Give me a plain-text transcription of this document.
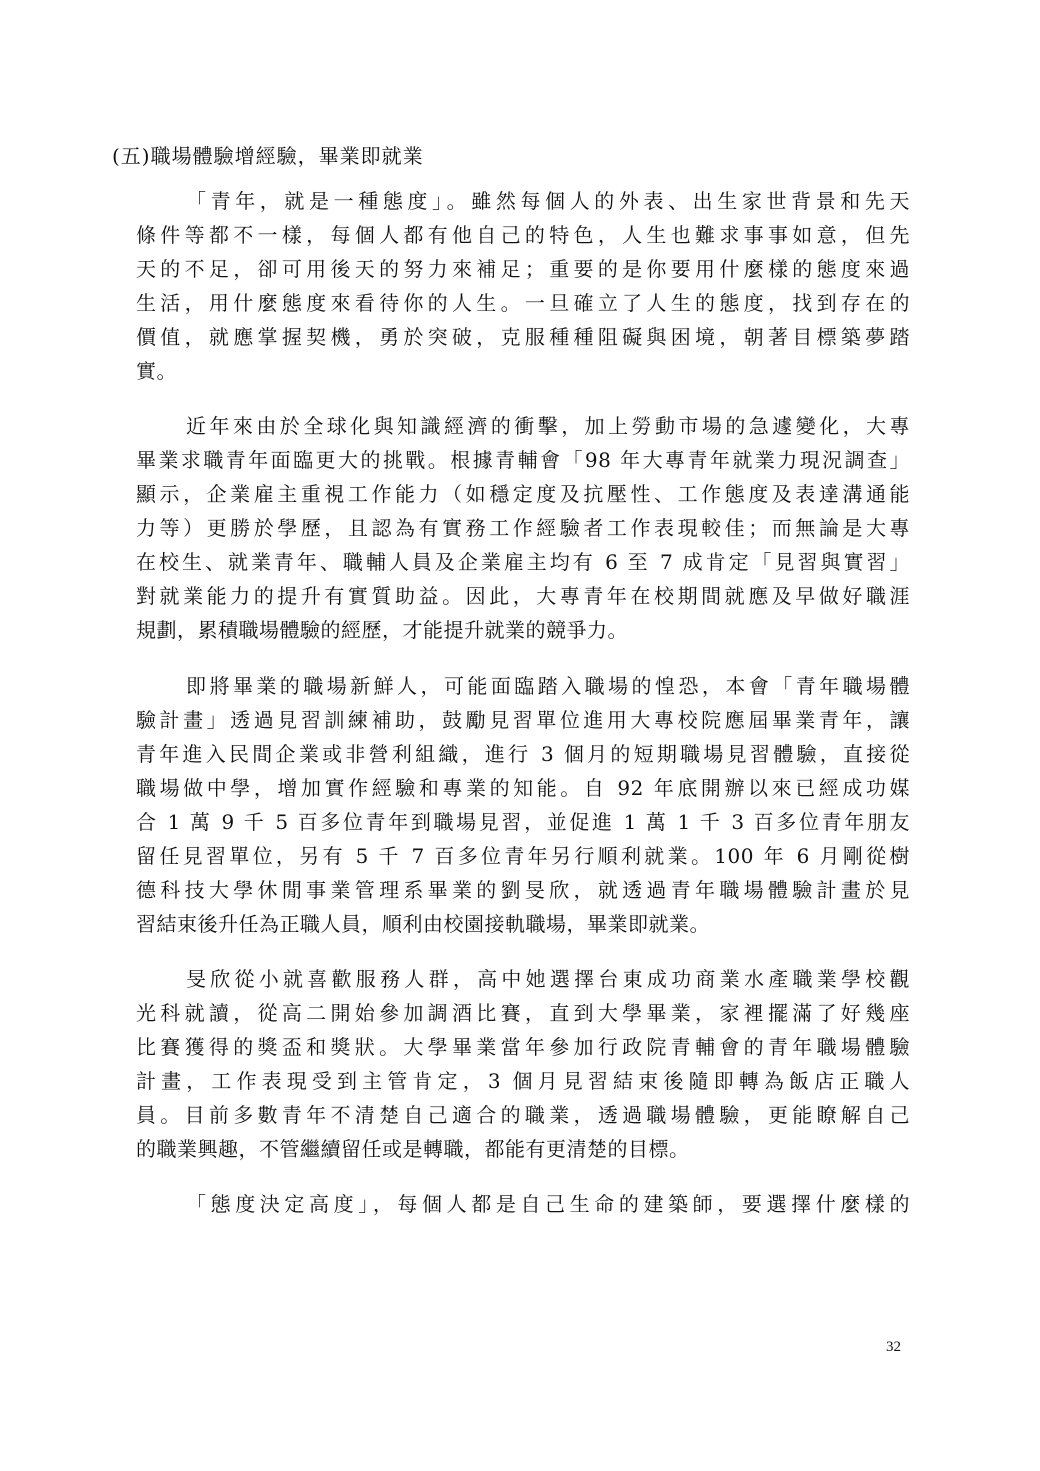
(五)職場體驗增經驗，畢業即就業
「青年，就是一種態度」。雖然每個人的外表、出生家世背景和先天
條件等都不一樣，每個人都有他自己的特色，人生也難求事事如意，但先
天的不足，卻可用後天的努力來補足；重要的是你要用什麼樣的態度來過
生活，用什麼態度來看待你的人生。一旦確立了人生的態度，找到存在的
價值，就應掌握契機，勇於突破，克服種種阻礙與困境，朝著目標築夢踏
實。
近年來由於全球化與知識經濟的衝擊，加上勞動市場的急遽變化，大專
畢業求職青年面臨更大的挑戰。根據青輔會「98 年大專青年就業力現況調查」
顯示，企業雇主重視工作能力（如穩定度及抗壓性、工作態度及表達溝通能
力等）更勝於學歷，且認為有實務工作經驗者工作表現較佳；而無論是大專
在校生、就業青年、職輔人員及企業雇主均有 6 至 7 成肯定「見習與實習」
對就業能力的提升有實質助益。因此，大專青年在校期間就應及早做好職涯
規劃，累積職場體驗的經歷，才能提升就業的競爭力。
即將畢業的職場新鮮人，可能面臨踏入職場的惶恐，本會「青年職場體
驗計畫」透過見習訓練補助，鼓勵見習單位進用大專校院應屆畢業青年，讓
青年進入民間企業或非營利組織，進行 3 個月的短期職場見習體驗，直接從
職場做中學，增加實作經驗和專業的知能。自 92 年底開辦以來已經成功媒
合 1 萬 9 千 5 百多位青年到職場見習，並促進 1 萬 1 千 3 百多位青年朋友
留任見習單位，另有 5 千 7 百多位青年另行順利就業。100 年 6 月剛從樹
德科技大學休閒事業管理系畢業的劉旻欣，就透過青年職場體驗計畫於見
習結束後升任為正職人員，順利由校園接軌職場，畢業即就業。
旻欣從小就喜歡服務人群，高中她選擇台東成功商業水產職業學校觀
光科就讀，從高二開始參加調酒比賽，直到大學畢業，家裡擺滿了好幾座
比賽獲得的獎盃和獎狀。大學畢業當年參加行政院青輔會的青年職場體驗
計畫，工作表現受到主管肯定，3 個月見習結束後隨即轉為飯店正職人
員。目前多數青年不清楚自己適合的職業，透過職場體驗，更能瞭解自己
的職業興趣，不管繼續留任或是轉職，都能有更清楚的目標。
「態度決定高度」，每個人都是自己生命的建築師，要選擇什麼樣的
32
